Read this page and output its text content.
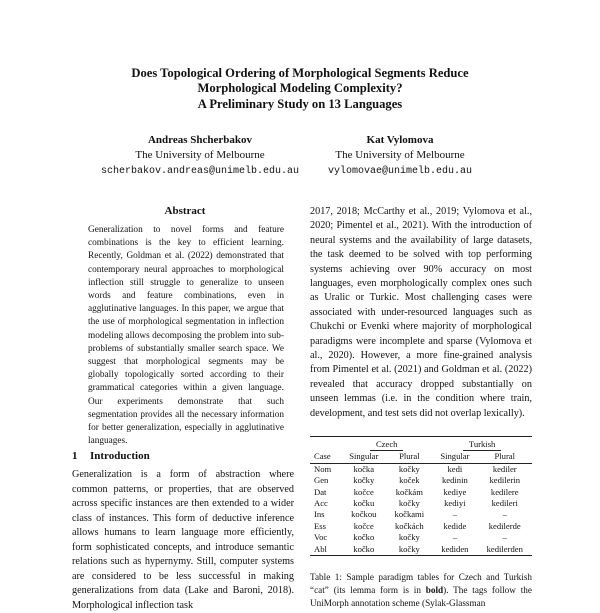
Does Topological Ordering of Morphological Segments Reduce
Morphological Modeling Complexity?
A Preliminary Study on 13 Languages
Andreas Shcherbakov
The University of Melbourne
scherbakov.andreas@unimelb.edu.au
Kat Vylomova
The University of Melbourne
vylomovae@unimelb.edu.au
Abstract
Generalization to novel forms and feature combinations is the key to efficient learning. Recently, Goldman et al. (2022) demonstrated that contemporary neural approaches to morphological inflection still struggle to generalize to unseen words and feature combinations, even in agglutinative languages. In this paper, we argue that the use of morphological segmentation in inflection modeling allows decomposing the problem into sub-problems of substantially smaller search space. We suggest that morphological segments may be globally topologically sorted according to their grammatical categories within a given language. Our experiments demonstrate that such segmentation provides all the necessary information for better generalization, especially in agglutinative languages.
1 Introduction
Generalization is a form of abstraction where common patterns, or properties, that are observed across specific instances are then extended to a wider class of instances. This form of deductive inference allows humans to learn language more efficiently, form sophisticated concepts, and introduce semantic relations such as hypernymy. Still, computer systems are considered to be less successful in making generalizations from data (Lake and Baroni, 2018). Morphological inflection task
2017, 2018; McCarthy et al., 2019; Vylomova et al., 2020; Pimentel et al., 2021). With the introduction of neural systems and the availability of large datasets, the task deemed to be solved with top performing systems achieving over 90% accuracy on most languages, even morphologically complex ones such as Uralic or Turkic. Most challenging cases were associated with under-resourced languages such as Chukchi or Evenki where majority of morphological paradigms were incomplete and sparse (Vylomova et al., 2020). However, a more fine-grained analysis from Pimentel et al. (2021) and Goldman et al. (2022) revealed that accuracy dropped substantially on unseen lemmas (i.e. in the condition where train, development, and test sets did not overlap lexically).
	Czech		Turkish	
Case	Singular	Plural	Singular	Plural
Nom	kočka	kočky	kedi	kediler
Gen	kočky	koček	kedinin	kedilerin
Dat	kočce	kočkám	kediye	kedilere
Acc	kočku	kočky	kediyi	kedileri
Ins	kočkou	kočkami	–	–
Ess	kočce	kočkách	kedide	kedilerde
Voc	kočko	kočky	–	–
Abl	kočko	kočky	kediden	kedilerden
Table 1: Sample paradigm tables for Czech and Turkish “cat” (its lemma form is in bold). The tags follow the UniMorph annotation scheme (Sylak-Glassman
